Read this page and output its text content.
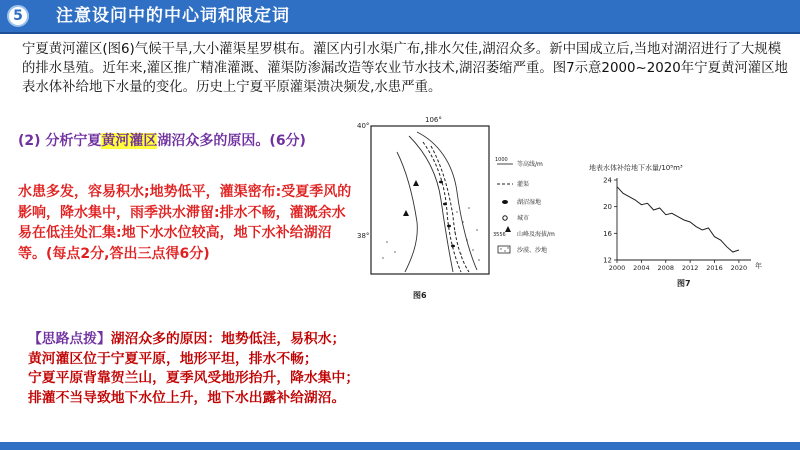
5	注意设问中的中心词和限定词
宁夏黄河灌区(图6)气候干旱,大小灌渠星罗棋布。灌区内引水渠广布,排水欠佳,湖沼众多。新中国成立后,当地对湖沼进行了大规模的排水垦殖。近年来,灌区推广精准灌溉、灌渠防渗漏改造等农业节水技术,湖沼萎缩严重。图7示意2000~2020年宁夏黄河灌区地表水体补给地下水量的变化。历史上宁夏平原灌渠溃决频发,水患严重。
(2) 分析宁夏黄河灌区湖沼众多的原因。(6分)
水患多发，容易积水;地势低平，灌渠密布:受夏季风的影响，降水集中，雨季洪水滞留:排水不畅，灌溉余水易在低洼处汇集:地下水水位较高，地下水补给湖沼等。(每点2分,答出三点得6分)
【思路点拨】湖沼众多的原因：地势低洼，易积水；
黄河灌区位于宁夏平原，地形平坦，排水不畅；
宁夏平原背靠贺兰山，夏季风受地形抬升，降水集中；
排灌不当导致地下水位上升，地下水出露补给湖沼。
40°
38°
106°
1000
等高线/m
灌渠
湖沼湿地
城市
3556 山峰及海拔/m
沙漠、沙地
图6
地表水体补给地下水量/10⁸m³
12
16
20
24
2000 2004 2008 2012 2016 2020 年
图7
